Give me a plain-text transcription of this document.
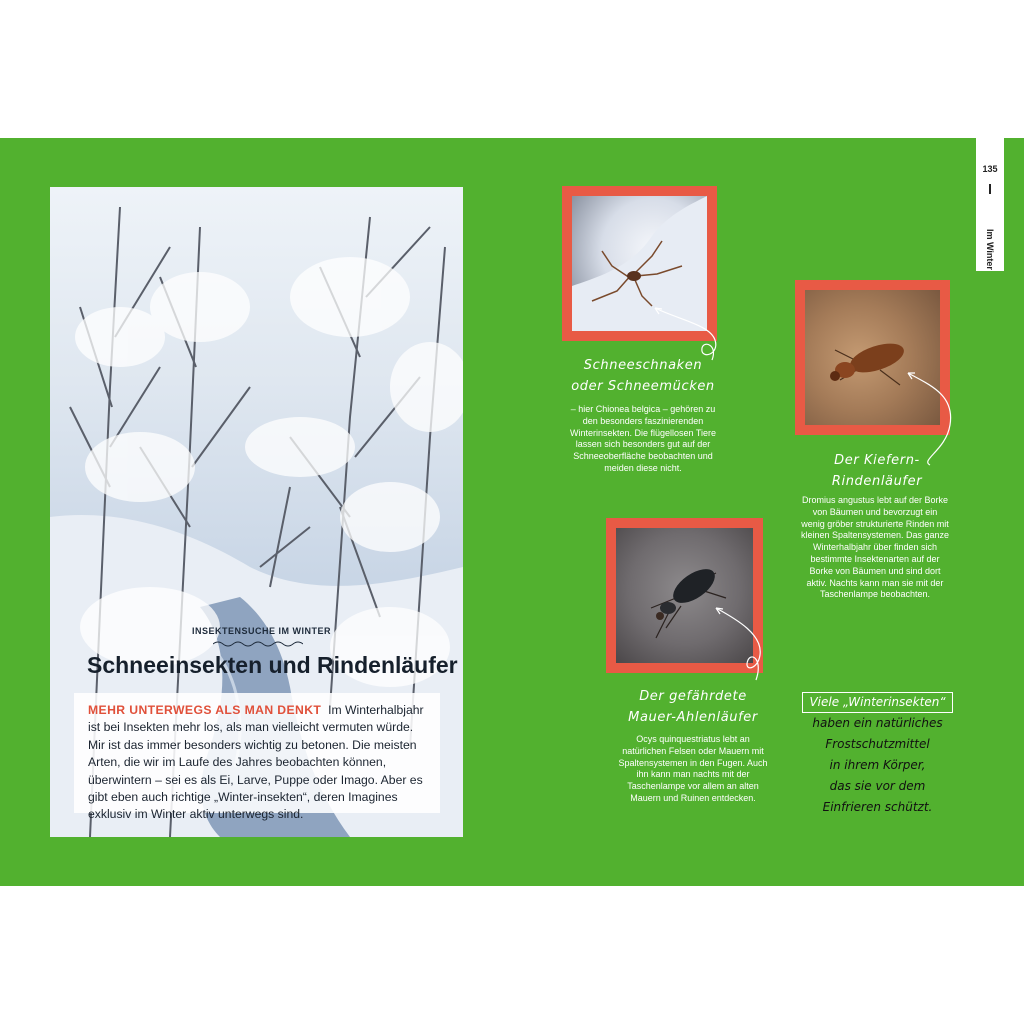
INSEKTENSUCHE IM WINTER
Schneeinsekten und Rindenläufer

MEHR UNTERWEGS ALS MAN DENKT Im Winterhalbjahr ist bei Insekten mehr los, als man vielleicht vermuten würde. Mir ist das immer besonders wichtig zu betonen. Die meisten Arten, die wir im Laufe des Jahres beobachten können, überwintern – sei es als Ei, Larve, Puppe oder Imago. Aber es gibt eben auch richtige „Winter-insekten“, deren Imagines exklusiv im Winter aktiv unterwegs sind.

Schneeschnaken
oder Schneemücken
– hier Chionea belgica – gehören zu den besonders faszinierenden Winterinsekten. Die flügellosen Tiere lassen sich besonders gut auf der Schneeoberfläche beobachten und meiden diese nicht.	Der Kiefern-
Rindenläufer
Dromius angustus lebt auf der Borke von Bäumen und bevorzugt ein wenig gröber strukturierte Rinden mit kleinen Spaltensystemen. Das ganze Winterhalbjahr über finden sich bestimmte Insektenarten auf der Borke von Bäumen und sind dort aktiv. Nachts kann man sie mit der Taschenlampe beobachten.
Der gefährdete
Mauer-Ahlenläufer
Ocys quinquestriatus lebt an natürlichen Felsen oder Mauern mit Spaltensystemen in den Fugen. Auch ihn kann man nachts mit der Taschenlampe vor allem an alten Mauern und Ruinen entdecken.
Viele „Winterinsekten“
haben ein natürliches
Frostschutzmittel
in ihrem Körper,
das sie vor dem
Einfrieren schützt.
135
Im Winter
